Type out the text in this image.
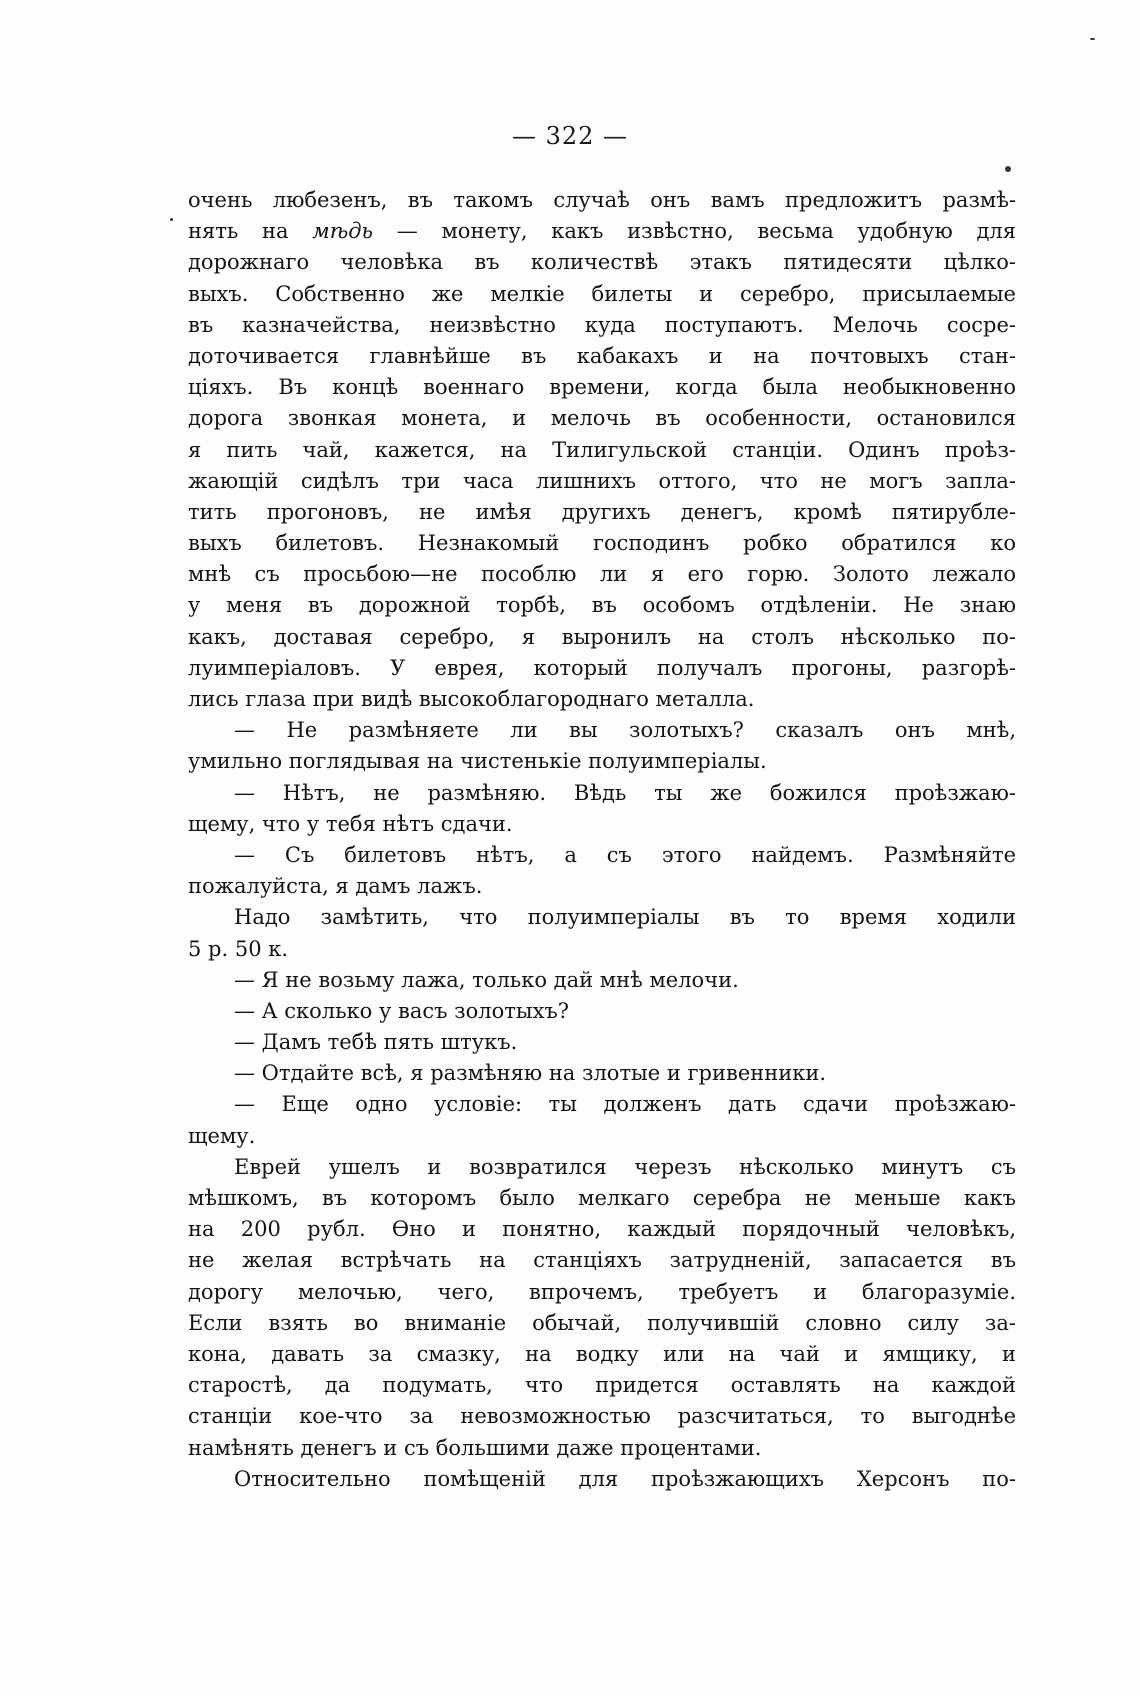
— 322 —
очень любезенъ, въ такомъ случаѣ онъ вамъ предложитъ размѣ-
нять на мѣдь — монету, какъ извѣстно, весьма удобную для
дорожнаго человѣка въ количествѣ этакъ пятидесяти цѣлко-
выхъ. Собственно же мелкіе билеты и серебро, присылаемые
въ казначейства, неизвѣстно куда поступаютъ. Мелочь сосре-
доточивается главнѣйше въ кабакахъ и на почтовыхъ стан-
ціяхъ. Въ концѣ военнаго времени, когда была необыкновенно
дорога звонкая монета, и мелочь въ особенности, остановился
я пить чай, кажется, на Тилигульской станціи. Одинъ проѣз-
жающій сидѣлъ три часа лишнихъ оттого, что не могъ запла-
тить прогоновъ, не имѣя другихъ денегъ, кромѣ пятирубле-
выхъ билетовъ. Незнакомый господинъ робко обратился ко
мнѣ съ просьбою—не пособлю ли я его горю. Золото лежало
у меня въ дорожной торбѣ, въ особомъ отдѣленіи. Не знаю
какъ, доставая серебро, я выронилъ на столъ нѣсколько по-
луимперіаловъ. У еврея, который получалъ прогоны, разгорѣ-
лись глаза при видѣ высокоблагороднаго металла.
— Не размѣняете ли вы золотыхъ? сказалъ онъ мнѣ,
умильно поглядывая на чистенькіе полуимперіалы.
— Нѣтъ, не размѣняю. Вѣдь ты же божился проѣзжаю-
щему, что у тебя нѣтъ сдачи.
— Съ билетовъ нѣтъ, а съ этого найдемъ. Размѣняйте
пожалуйста, я дамъ лажъ.
Надо замѣтить, что полуимперіалы въ то время ходили
5 р. 50 к.
— Я не возьму лажа, только дай мнѣ мелочи.
— А сколько у васъ золотыхъ?
— Дамъ тебѣ пять штукъ.
— Отдайте всѣ, я размѣняю на злотые и гривенники.
— Еще одно условіе: ты долженъ дать сдачи проѣзжаю-
щему.
Еврей ушелъ и возвратился черезъ нѣсколько минутъ съ
мѣшкомъ, въ которомъ было мелкаго серебра не меньше какъ
на 200 рубл. Ѳно и понятно, каждый порядочный человѣкъ,
не желая встрѣчать на станціяхъ затрудненій, запасается въ
дорогу мелочью, чего, впрочемъ, требуетъ и благоразуміе.
Если взять во вниманіе обычай, получившій словно силу за-
кона, давать за смазку, на водку или на чай и ямщику, и
старостѣ, да подумать, что придется оставлять на каждой
станціи кое-что за невозможностью разсчитаться, то выгоднѣе
намѣнять денегъ и съ большими даже процентами.
Относительно помѣщеній для проѣзжающихъ Херсонъ по-
